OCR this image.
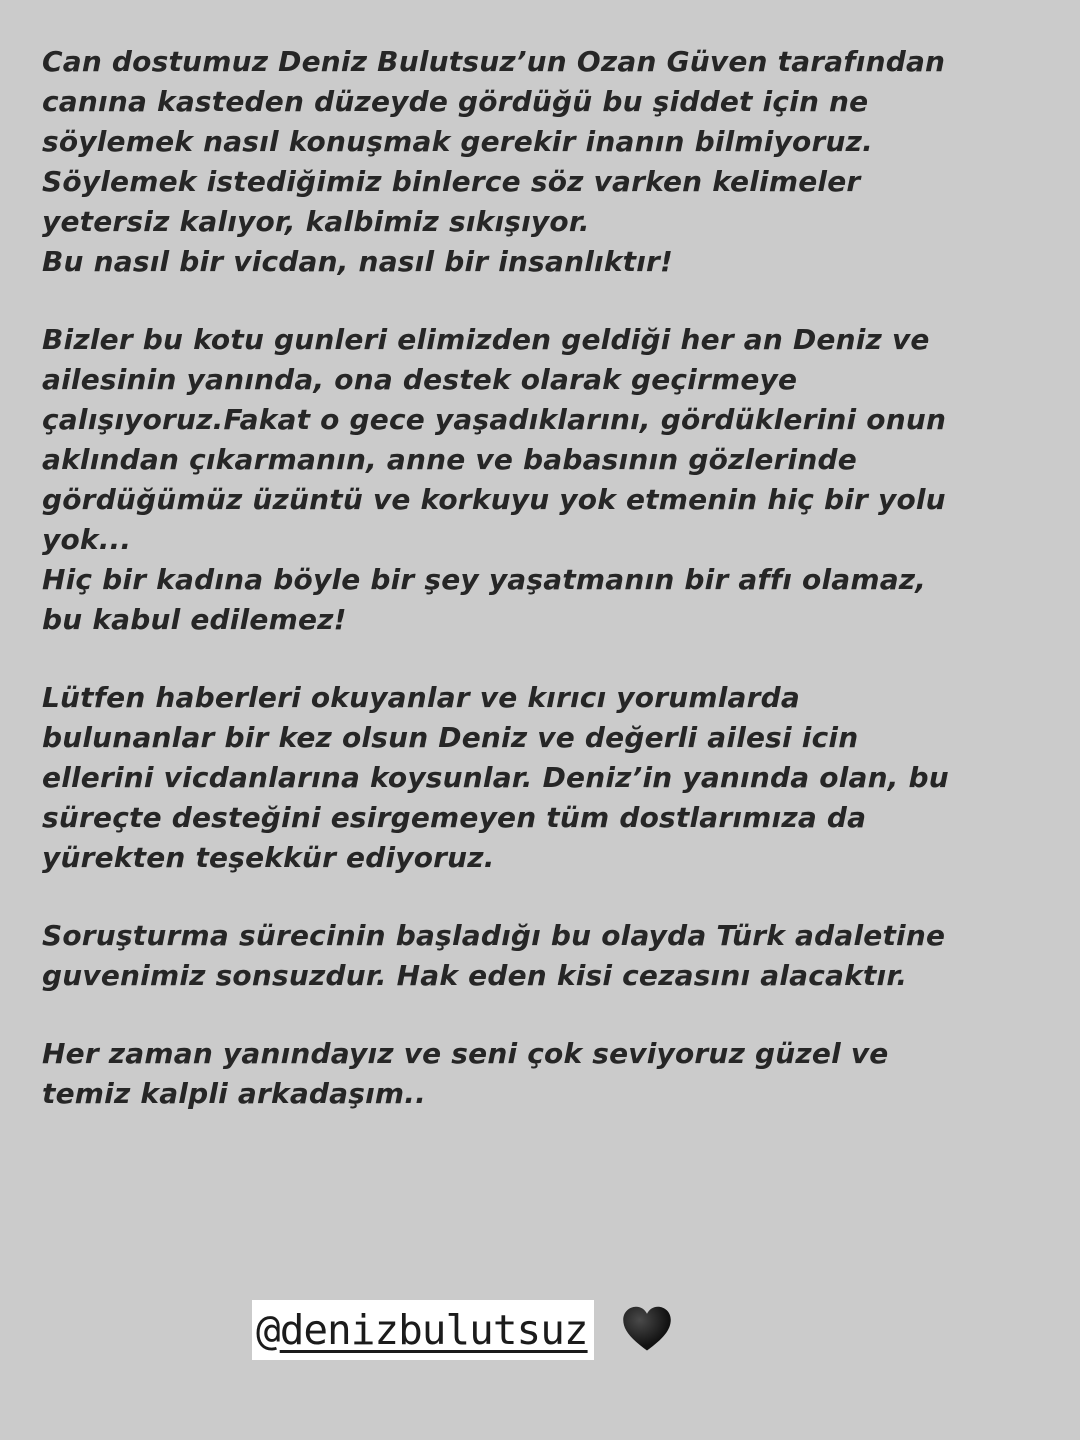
Can dostumuz Deniz Bulutsuz’un Ozan Güven tarafından
canına kasteden düzeyde gördüğü bu şiddet için ne
söylemek nasıl konuşmak gerekir inanın bilmiyoruz.
Söylemek istediğimiz binlerce söz varken kelimeler
yetersiz kalıyor, kalbimiz sıkışıyor.
Bu nasıl bir vicdan, nasıl bir insanlıktır!
Bizler bu kotu gunleri elimizden geldiği her an Deniz ve
ailesinin yanında, ona destek olarak geçirmeye
çalışıyoruz.Fakat o gece yaşadıklarını, gördüklerini onun
aklından çıkarmanın, anne ve babasının gözlerinde
gördüğümüz üzüntü ve korkuyu yok etmenin hiç bir yolu
yok...
Hiç bir kadına böyle bir şey yaşatmanın bir affı olamaz,
bu kabul edilemez!
Lütfen haberleri okuyanlar ve kırıcı yorumlarda
bulunanlar bir kez olsun Deniz ve değerli ailesi icin
ellerini vicdanlarına koysunlar. Deniz’in yanında olan, bu
süreçte desteğini esirgemeyen tüm dostlarımıza da
yürekten teşekkür ediyoruz.
Soruşturma sürecinin başladığı bu olayda Türk adaletine
guvenimiz sonsuzdur. Hak eden kisi cezasını alacaktır.
Her zaman yanındayız ve seni çok seviyoruz güzel ve
temiz kalpli arkadaşım..
@ denizbulutsuz
